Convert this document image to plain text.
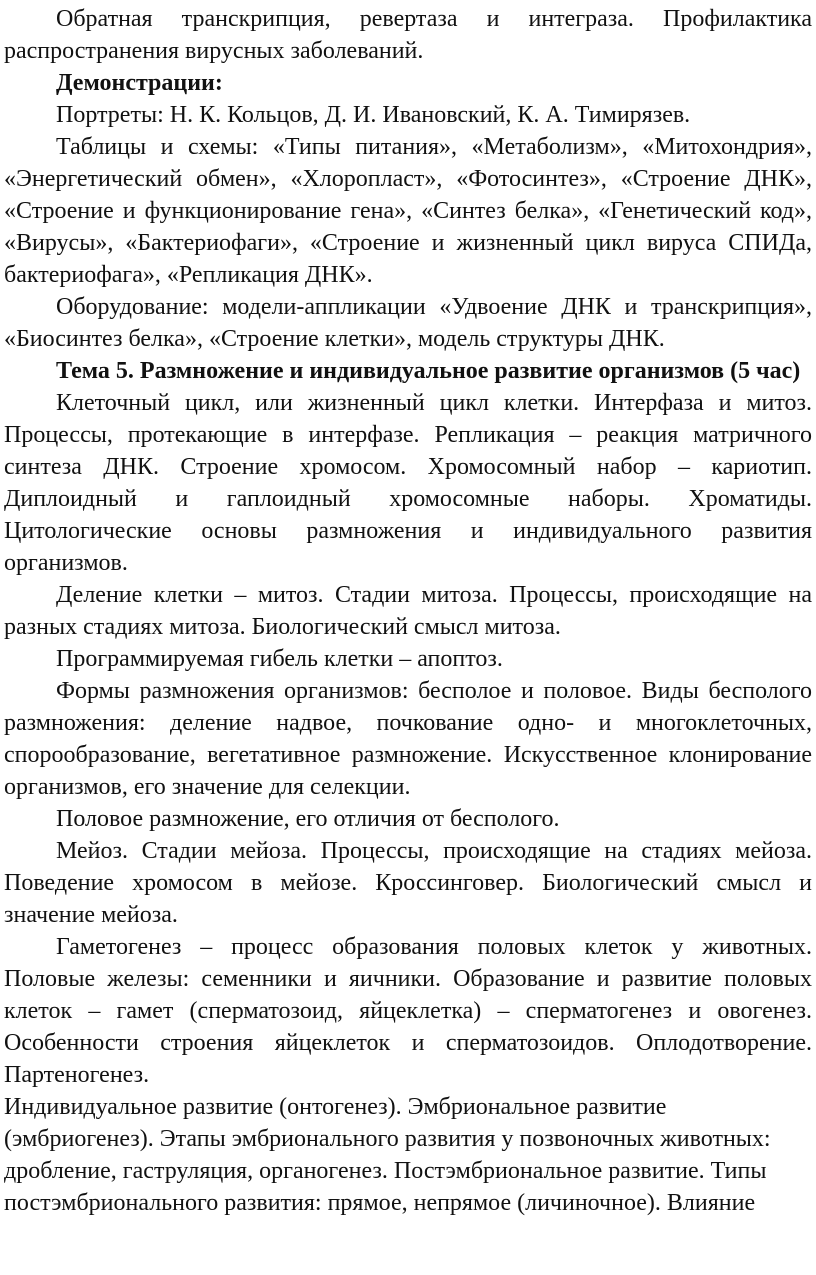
Обратная транскрипция, ревертаза и интеграза. Профилактика распространения вирусных заболеваний.

Демонстрации:

Портреты: Н. К. Кольцов, Д. И. Ивановский, К. А. Тимирязев.

Таблицы и схемы: «Типы питания», «Метаболизм», «Митохондрия», «Энергетический обмен», «Хлоропласт», «Фотосинтез», «Строение ДНК», «Строение и функционирование гена», «Синтез белка», «Генетический код», «Вирусы», «Бактериофаги», «Строение и жизненный цикл вируса СПИДа, бактериофага», «Репликация ДНК».

Оборудование: модели-аппликации «Удвоение ДНК и транскрипция», «Биосинтез белка», «Строение клетки», модель структуры ДНК.

Тема 5. Размножение и индивидуальное развитие организмов (5 час)

Клеточный цикл, или жизненный цикл клетки. Интерфаза и митоз. Процессы, протекающие в интерфазе. Репликация – реакция матричного синтеза ДНК. Строение хромосом. Хромосомный набор – кариотип. Диплоидный и гаплоидный хромосомные наборы. Хроматиды. Цитологические основы размножения и индивидуального развития организмов.

Деление клетки – митоз. Стадии митоза. Процессы, происходящие на разных стадиях митоза. Биологический смысл митоза.

Программируемая гибель клетки – апоптоз.

Формы размножения организмов: бесполое и половое. Виды бесполого размножения: деление надвое, почкование одно- и многоклеточных, спорообразование, вегетативное размножение. Искусственное клонирование организмов, его значение для селекции.

Половое размножение, его отличия от бесполого.

Мейоз. Стадии мейоза. Процессы, происходящие на стадиях мейоза. Поведение хромосом в мейозе. Кроссинговер. Биологический смысл и значение мейоза.

Гаметогенез – процесс образования половых клеток у животных. Половые железы: семенники и яичники. Образование и развитие половых клеток – гамет (сперматозоид, яйцеклетка) – сперматогенез и овогенез. Особенности строения яйцеклеток и сперматозоидов. Оплодотворение. Партеногенез.

Индивидуальное развитие (онтогенез). Эмбриональное развитие (эмбриогенез). Этапы эмбрионального развития у позвоночных животных: дробление, гаструляция, органогенез. Постэмбриональное развитие. Типы постэмбрионального развития: прямое, непрямое (личиночное). Влияние
